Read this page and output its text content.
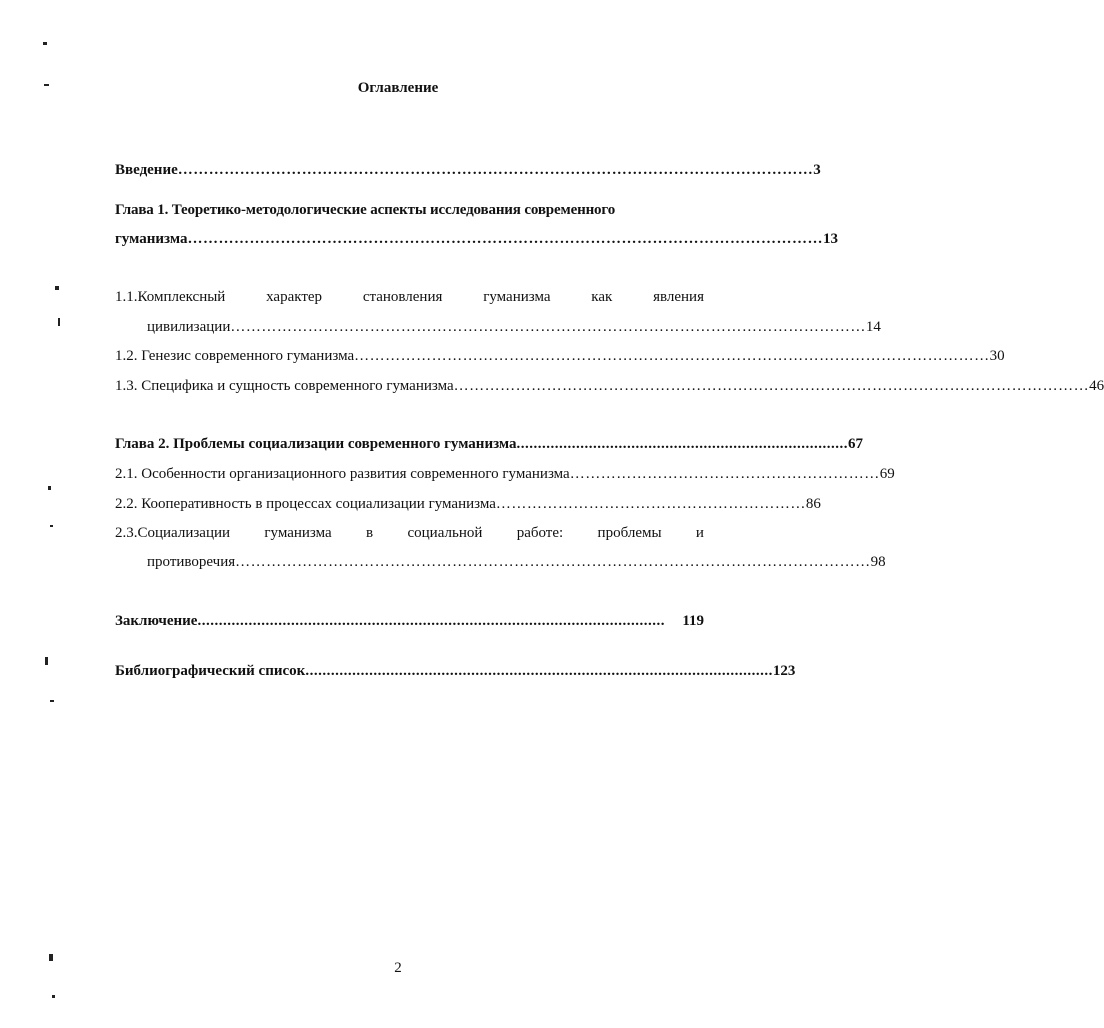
Оглавление
Введение …………………………………………………………………………………………………………… 3
Глава 1. Теоретико-методологические аспекты исследования современного
гуманизма …………………………………………………………………………………………………………… 13
1.1.Комплексный	характер	становления	гуманизма	как	явления
цивилизации …………………………………………………………………………………………………………… 14
1.2. Генезис современного гуманизма …………………………………………………………………………………………………………… 30
1.3. Специфика и сущность современного гуманизма …………………………………………………………………………………………………………… 46
Глава 2. Проблемы социализации современного гуманизма .............................................................................. 67
2.1. Особенности организационного развития современного гуманизма …………………………………………………… 69
2.2. Кооперативность в процессах социализации гуманизма …………………………………………………… 86
2.3.Социализации гуманизма в социальной работе: проблемы и
противоречия …………………………………………………………………………………………………………… 98
Заключение ..............................................................................................................	119
Библиографический список .............................................................................................................. 123
2
